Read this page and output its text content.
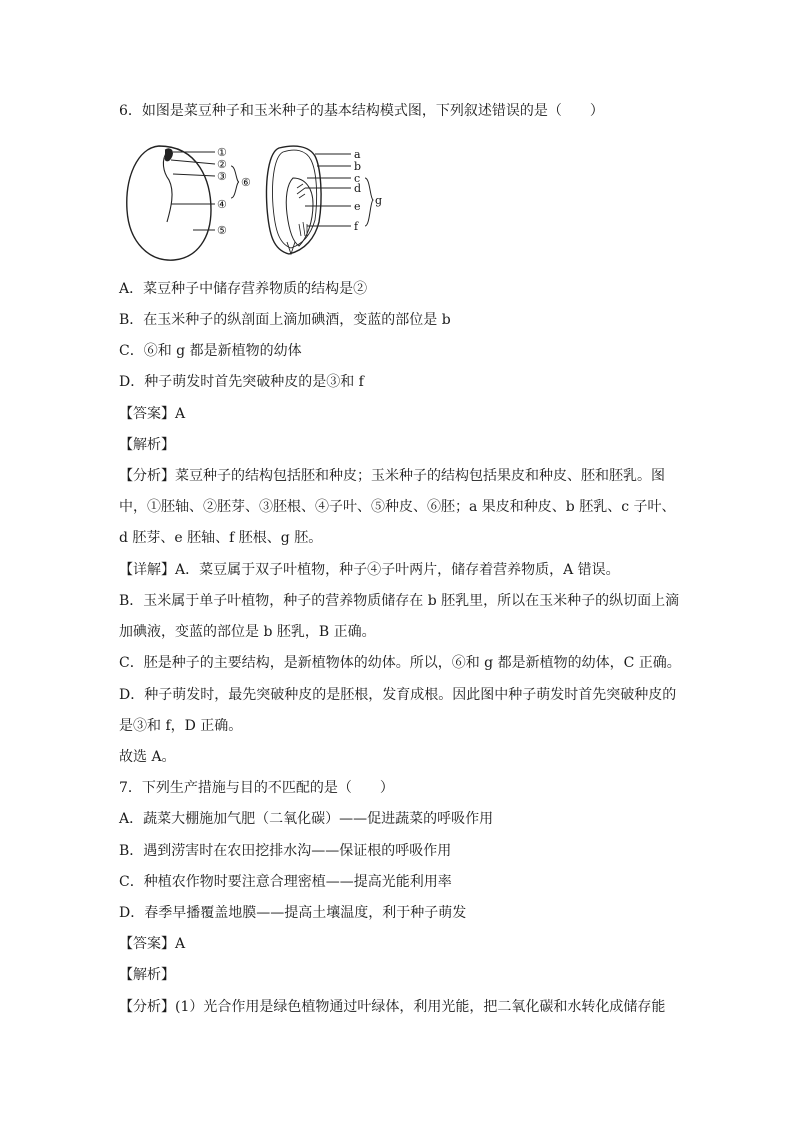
6．如图是菜豆种子和玉米种子的基本结构模式图，下列叙述错误的是（　　）
①
②
③
④
⑤
⑥
a
b
c
d
e
f
g
A．菜豆种子中储存营养物质的结构是②
B．在玉米种子的纵剖面上滴加碘酒，变蓝的部位是 b
C．⑥和 g 都是新植物的幼体
D．种子萌发时首先突破种皮的是③和 f
【答案】A
【解析】
【分析】菜豆种子的结构包括胚和种皮；玉米种子的结构包括果皮和种皮、胚和胚乳。图
中，①胚轴、②胚芽、③胚根、④子叶、⑤种皮、⑥胚；a 果皮和种皮、b 胚乳、c 子叶、
d 胚芽、e 胚轴、f 胚根、g 胚。
【详解】A．菜豆属于双子叶植物，种子④子叶两片，储存着营养物质，A 错误。
B．玉米属于单子叶植物，种子的营养物质储存在 b 胚乳里，所以在玉米种子的纵切面上滴
加碘液，变蓝的部位是 b 胚乳，B 正确。
C．胚是种子的主要结构，是新植物体的幼体。所以，⑥和 g 都是新植物的幼体，C 正确。
D．种子萌发时，最先突破种皮的是胚根，发育成根。因此图中种子萌发时首先突破种皮的
是③和 f，D 正确。
故选 A。
7．下列生产措施与目的不匹配的是（　　）
A．蔬菜大棚施加气肥（二氧化碳）——促进蔬菜的呼吸作用
B．遇到涝害时在农田挖排水沟——保证根的呼吸作用
C．种植农作物时要注意合理密植——提高光能利用率
D．春季早播覆盖地膜——提高土壤温度，利于种子萌发
【答案】A
【解析】
【分析】(1）光合作用是绿色植物通过叶绿体，利用光能，把二氧化碳和水转化成储存能
